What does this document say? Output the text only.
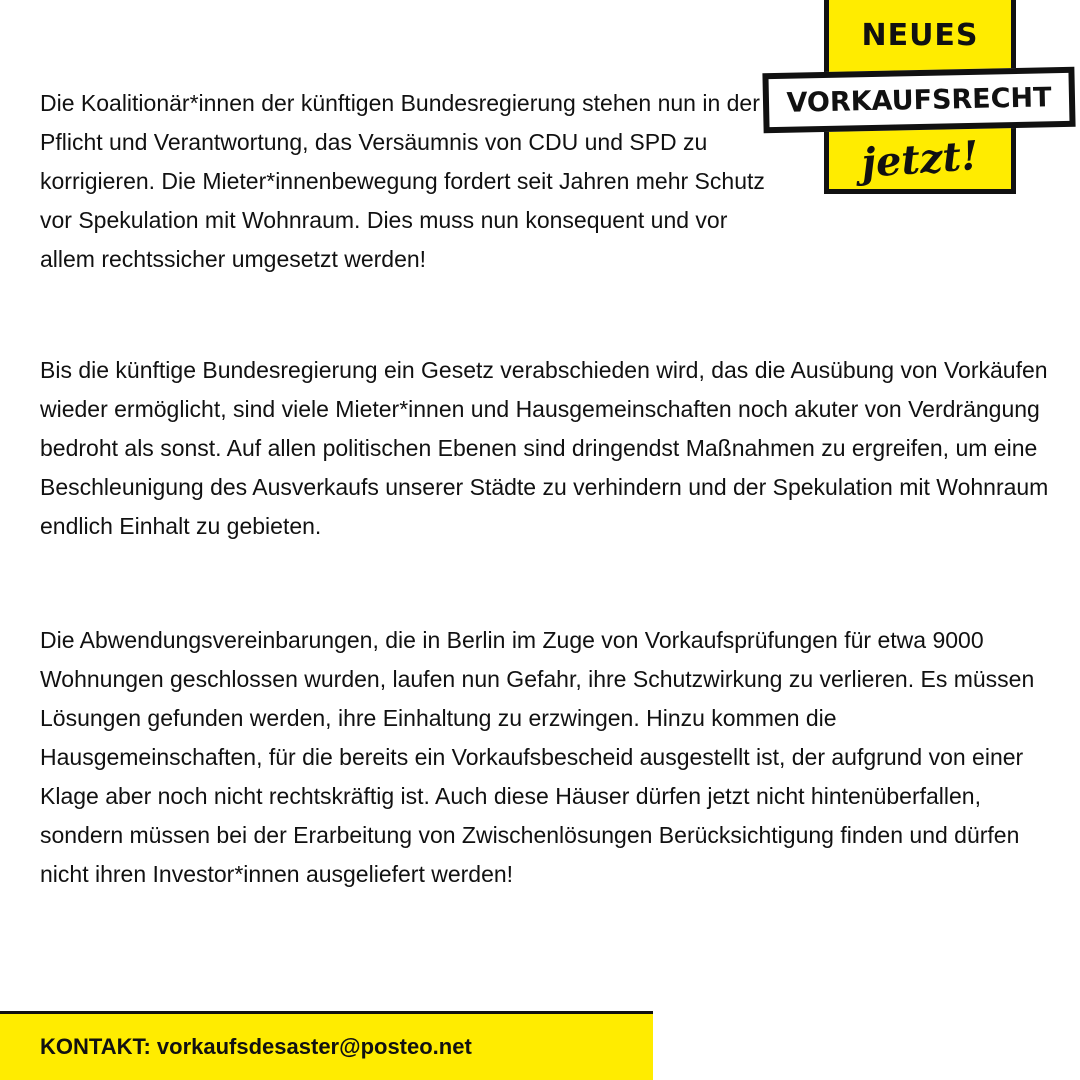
NEUES
VORKAUFSRECHT
jetzt!

Die Koalitionär*innen der künftigen Bundesregierung stehen nun in der Pflicht und Verantwortung, das Versäumnis von CDU und SPD zu korrigieren. Die Mieter*innenbewegung fordert seit Jahren mehr Schutz vor Spekulation mit Wohnraum. Dies muss nun konsequent und vor allem rechtssicher umgesetzt werden!

Bis die künftige Bundesregierung ein Gesetz verabschieden wird, das die Ausübung von Vorkäufen wieder ermöglicht, sind viele Mieter*innen und Hausgemeinschaften noch akuter von Verdrängung bedroht als sonst. Auf allen politischen Ebenen sind dringendst Maßnahmen zu ergreifen, um eine Beschleunigung des Ausverkaufs unserer Städte zu verhindern und der Spekulation mit Wohnraum endlich Einhalt zu gebieten.

Die Abwendungsvereinbarungen, die in Berlin im Zuge von Vorkaufsprüfungen für etwa 9000 Wohnungen geschlossen wurden, laufen nun Gefahr, ihre Schutzwirkung zu verlieren. Es müssen Lösungen gefunden werden, ihre Einhaltung zu erzwingen. Hinzu kommen die Hausgemeinschaften, für die bereits ein Vorkaufsbescheid ausgestellt ist, der aufgrund von einer Klage aber noch nicht rechtskräftig ist. Auch diese Häuser dürfen jetzt nicht hintenüberfallen, sondern müssen bei der Erarbeitung von Zwischenlösungen Berücksichtigung finden und dürfen nicht ihren Investor*innen ausgeliefert werden!

KONTAKT: vorkaufsdesaster@posteo.net
